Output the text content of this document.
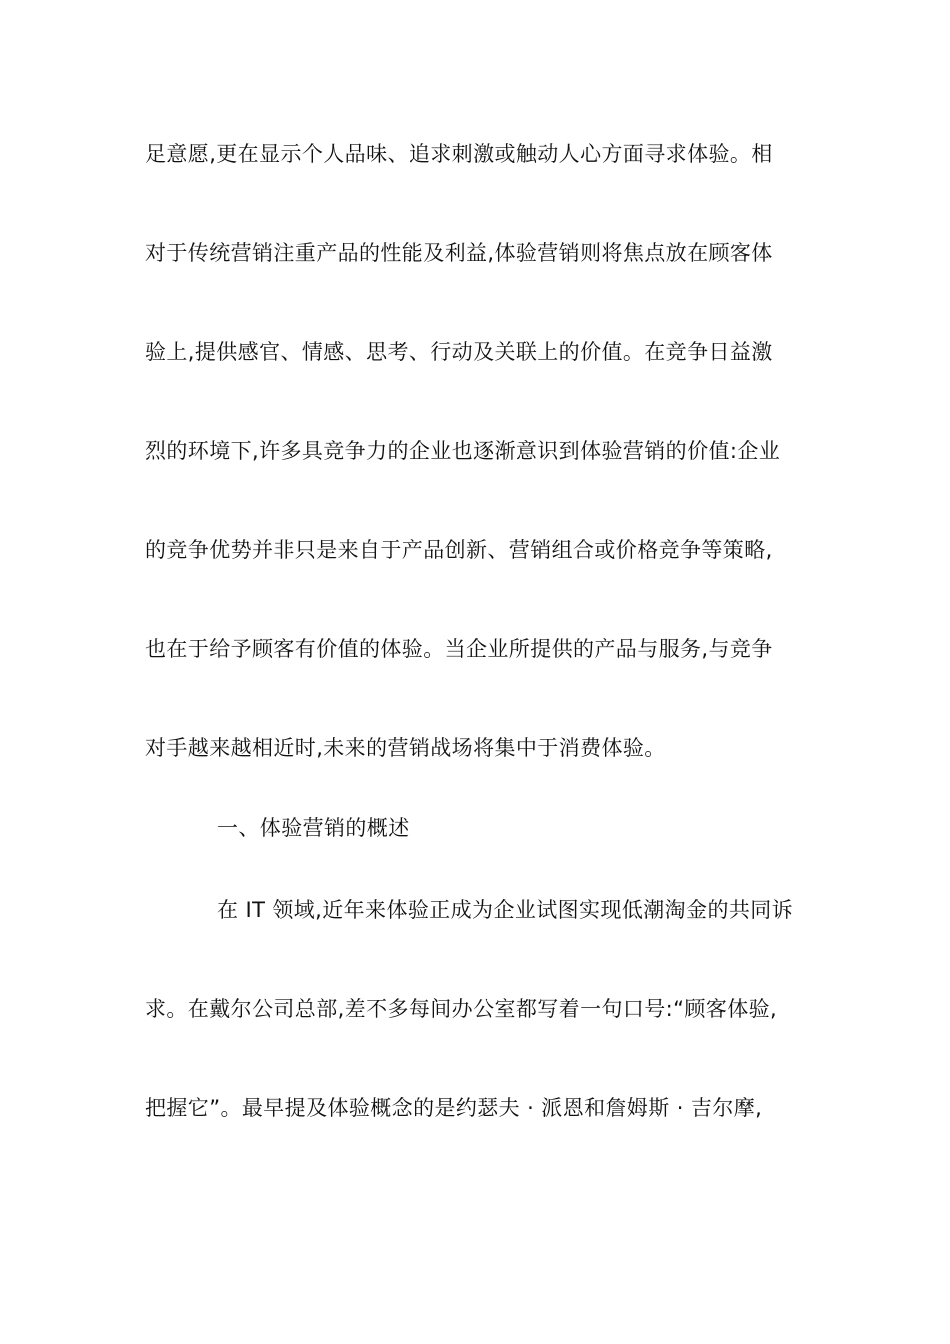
足意愿,更在显示个人品味、追求刺激或触动人心方面寻求体验。相
对于传统营销注重产品的性能及利益,体验营销则将焦点放在顾客体
验上,提供感官、情感、思考、行动及关联上的价值。在竞争日益激
烈的环境下,许多具竞争力的企业也逐渐意识到体验营销的价值:企业
的竞争优势并非只是来自于产品创新、营销组合或价格竞争等策略,
也在于给予顾客有价值的体验。当企业所提供的产品与服务,与竞争
对手越来越相近时,未来的营销战场将集中于消费体验。
一、体验营销的概述
在 IT 领域,近年来体验正成为企业试图实现低潮淘金的共同诉
求。在戴尔公司总部,差不多每间办公室都写着一句口号:“顾客体验,
把握它”。最早提及体验概念的是约瑟夫 · 派恩和詹姆斯 · 吉尔摩,
